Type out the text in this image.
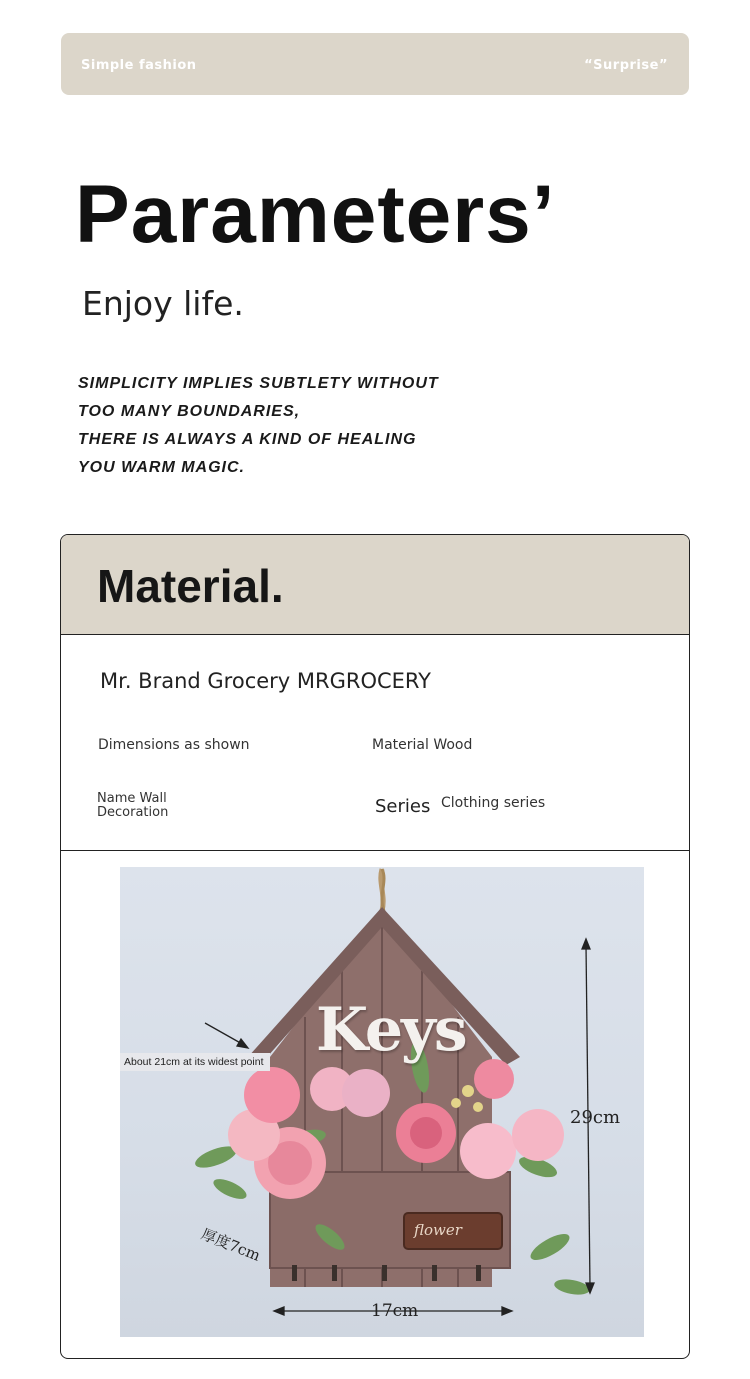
Simple fashion	“Surprise”
Parameters’
Enjoy life.
SIMPLICITY IMPLIES SUBTLETY WITHOUT
TOO MANY BOUNDARIES,
THERE IS ALWAYS A KIND OF HEALING
YOU WARM MAGIC.
Material.
Mr. Brand Grocery MRGROCERY
Dimensions as shown	Material Wood
Name Wall Decoration	Series Clothing series
Keys
flower
About 21cm at its widest point
29cm
17cm
厚度7cm
